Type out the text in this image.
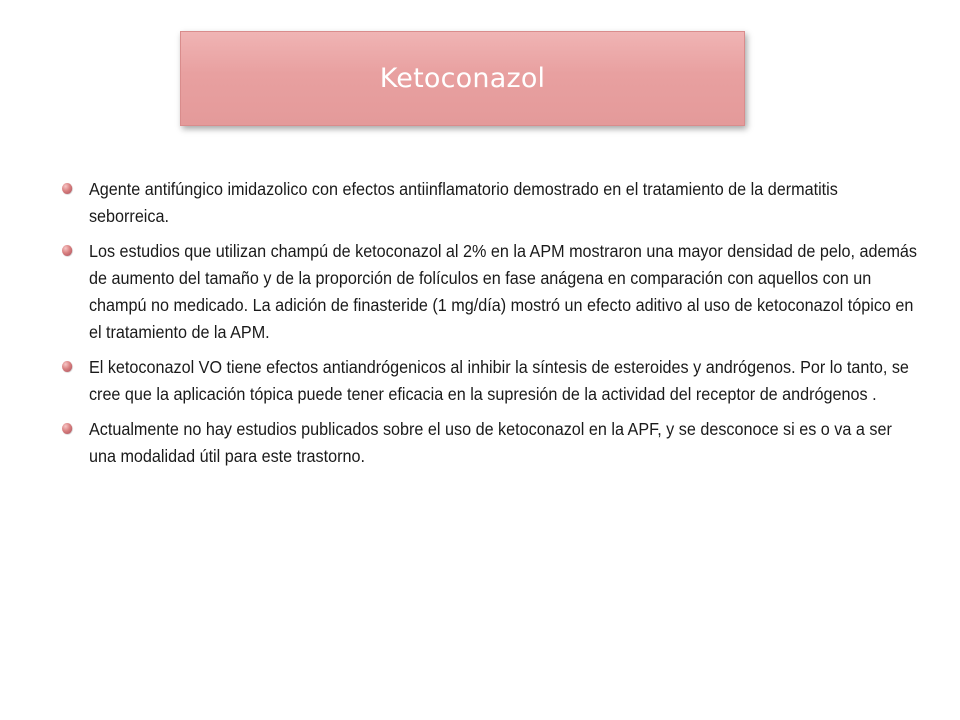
Ketoconazol
Agente antifúngico imidazolico con efectos antiinflamatorio demostrado en el tratamiento de la dermatitis seborreica.
Los estudios que utilizan champú de ketoconazol al 2% en la APM mostraron una mayor densidad de pelo, además de aumento del tamaño y de la proporción de folículos en fase anágena en comparación con aquellos con un champú no medicado. La adición de finasteride (1 mg/día) mostró un efecto aditivo al uso de ketoconazol tópico en el tratamiento de la APM.
El ketoconazol VO tiene efectos antiandrógenicos al inhibir la síntesis de esteroides y andrógenos. Por lo tanto, se cree que la aplicación tópica puede tener eficacia en la supresión de la actividad del receptor de andrógenos .
Actualmente no hay estudios publicados sobre el uso de ketoconazol en la APF, y se desconoce si es o va a ser una modalidad útil para este trastorno.
